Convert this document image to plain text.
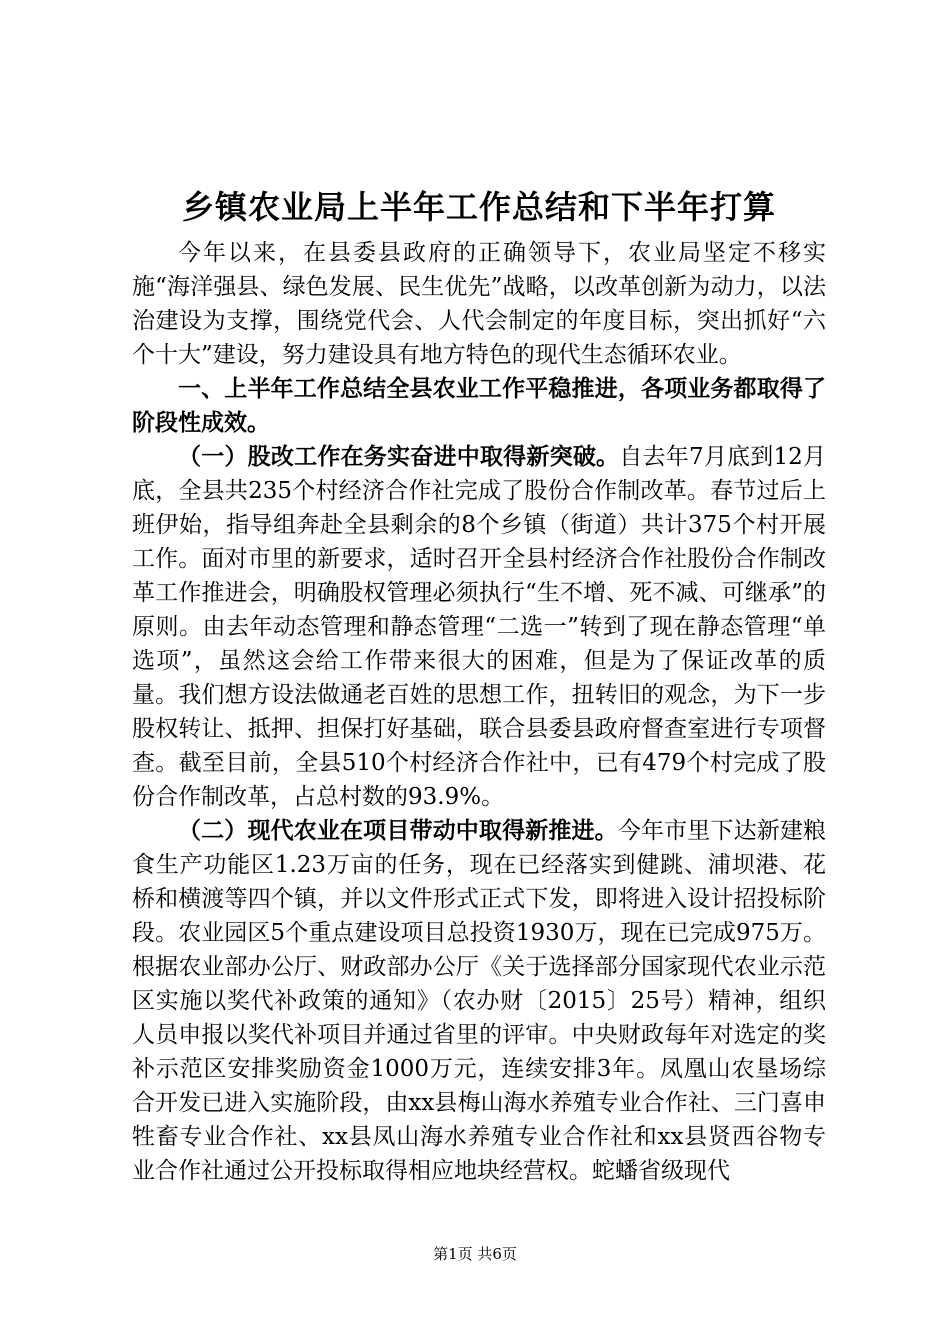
乡镇农业局上半年工作总结和下半年打算

今年以来，在县委县政府的正确领导下，农业局坚定不移实施“海洋强县、绿色发展、民生优先”战略，以改革创新为动力，以法治建设为支撑，围绕党代会、人代会制定的年度目标，突出抓好“六个十大”建设，努力建设具有地方特色的现代生态循环农业。

一、上半年工作总结全县农业工作平稳推进，各项业务都取得了阶段性成效。

（一）股改工作在务实奋进中取得新突破。自去年7月底到12月底，全县共235个村经济合作社完成了股份合作制改革。春节过后上班伊始，指导组奔赴全县剩余的8个乡镇（街道）共计375个村开展工作。面对市里的新要求，适时召开全县村经济合作社股份合作制改革工作推进会，明确股权管理必须执行“生不增、死不减、可继承”的原则。由去年动态管理和静态管理“二选一”转到了现在静态管理“单选项”，虽然这会给工作带来很大的困难，但是为了保证改革的质量。我们想方设法做通老百姓的思想工作，扭转旧的观念，为下一步股权转让、抵押、担保打好基础，联合县委县政府督查室进行专项督查。截至目前，全县510个村经济合作社中，已有479个村完成了股份合作制改革，占总村数的93.9%。

（二）现代农业在项目带动中取得新推进。今年市里下达新建粮食生产功能区1.23万亩的任务，现在已经落实到健跳、浦坝港、花桥和横渡等四个镇，并以文件形式正式下发，即将进入设计招投标阶段。农业园区5个重点建设项目总投资1930万，现在已完成975万。根据农业部办公厅、财政部办公厅《关于选择部分国家现代农业示范区实施以奖代补政策的通知》（农办财〔2015〕25号）精神，组织人员申报以奖代补项目并通过省里的评审。中央财政每年对选定的奖补示范区安排奖励资金1000万元，连续安排3年。凤凰山农垦场综合开发已进入实施阶段，由xx县梅山海水养殖专业合作社、三门喜申牲畜专业合作社、xx县凤山海水养殖专业合作社和xx县贤西谷物专业合作社通过公开投标取得相应地块经营权。蛇蟠省级现代

第1页 共6页
